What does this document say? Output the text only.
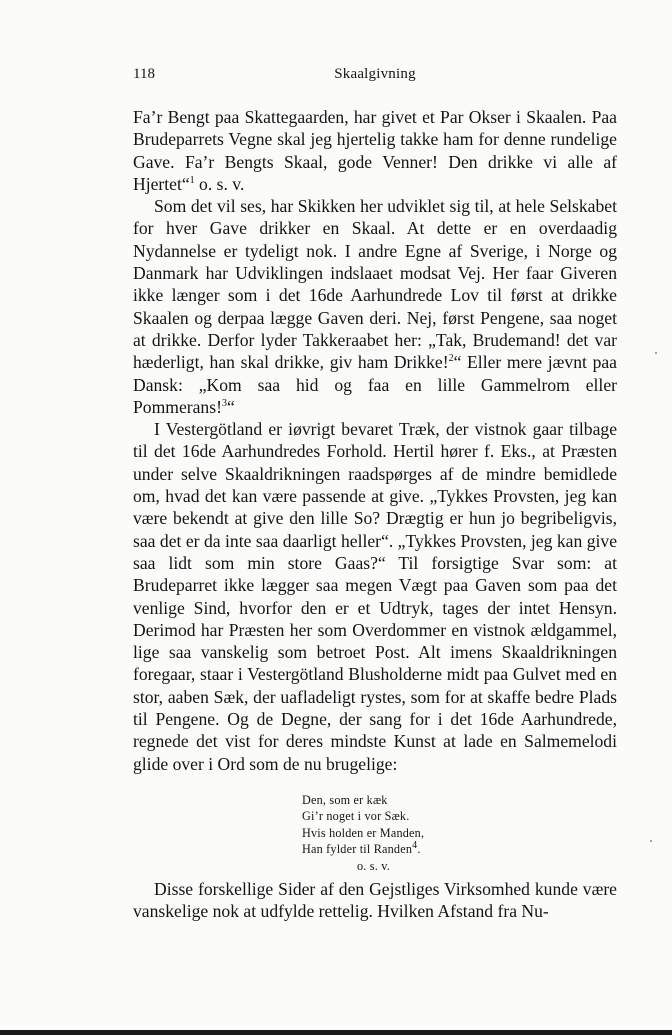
118	Skaalgivning

Fa’r Bengt paa Skattegaarden, har givet et Par Okser i Skaalen. Paa Brudeparrets Vegne skal jeg hjertelig takke ham for denne rundelige Gave. Fa’r Bengts Skaal, gode Venner! Den drikke vi alle af Hjertet“$^1$ o. s. v.

Som det vil ses, har Skikken her udviklet sig til, at hele Selskabet for hver Gave drikker en Skaal. At dette er en overdaadig Nydannelse er tydeligt nok. I andre Egne af Sverige, i Norge og Danmark har Udviklingen indslaaet modsat Vej. Her faar Giveren ikke længer som i det 16de Aarhundrede Lov til først at drikke Skaalen og derpaa lægge Gaven deri. Nej, først Pengene, saa noget at drikke. Derfor lyder Takkeraabet her: „Tak, Brudemand! det var hæderligt, han skal drikke, giv ham Drikke!$^2$“ Eller mere jævnt paa Dansk: „Kom saa hid og faa en lille Gammelrom eller Pommerans!$^3$“

I Vestergötland er iøvrigt bevaret Træk, der vistnok gaar tilbage til det 16de Aarhundredes Forhold. Hertil hører f. Eks., at Præsten under selve Skaaldrikningen raadspørges af de mindre bemidlede om, hvad det kan være passende at give. „Tykkes Provsten, jeg kan være bekendt at give den lille So? Drægtig er hun jo begribeligvis, saa det er da inte saa daarligt heller“. „Tykkes Provsten, jeg kan give saa lidt som min store Gaas?“ Til forsigtige Svar som: at Brudeparret ikke lægger saa megen Vægt paa Gaven som paa det venlige Sind, hvorfor den er et Udtryk, tages der intet Hensyn. Derimod har Præsten her som Overdommer en vistnok ældgammel, lige saa vanskelig som betroet Post. Alt imens Skaaldrikningen foregaar, staar i Vestergötland Blusholderne midt paa Gulvet med en stor, aaben Sæk, der uafladeligt rystes, som for at skaffe bedre Plads til Pengene. Og de Degne, der sang for i det 16de Aarhundrede, regnede det vist for deres mindste Kunst at lade en Salmemelodi glide over i Ord som de nu brugelige:

Den, som er kæk
Gi’r noget i vor Sæk.
Hvis holden er Manden,
Han fylder til Randen$^4$.
o. s. v.

Disse forskellige Sider af den Gejstliges Virksomhed kunde være vanskelige nok at udfylde rettelig. Hvilken Afstand fra Nu-
